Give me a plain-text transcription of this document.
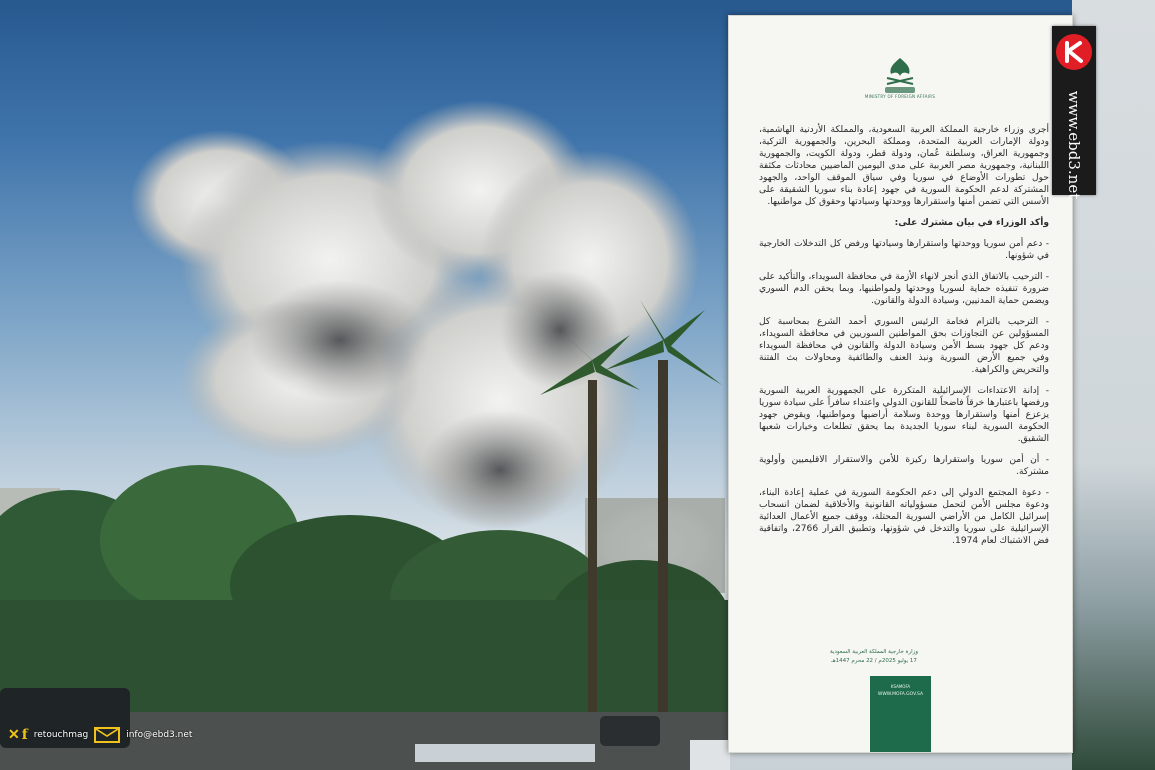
MINISTRY OF FOREIGN AFFAIRS

أجرى وزراء خارجية المملكة العربية السعودية، والمملكة الأردنية الهاشمية، ودولة الإمارات العربية المتحدة، ومملكة البحرين، والجمهورية التركية، وجمهورية العراق، وسلطنة عُمان، ودولة قطر، ودولة الكويت، والجمهورية اللبنانية، وجمهورية مصر العربية على مدى اليومين الماضيين محادثات مكثفة حول تطورات الأوضاع في سوريا وفي سياق الموقف الواحد، والجهود المشتركة لدعم الحكومة السورية في جهود إعادة بناء سوريا الشقيقة على الأسس التي تضمن أمنها واستقرارها ووحدتها وسيادتها وحقوق كل مواطنيها.

وأكد الوزراء في بيان مشترك على:

- دعم أمن سوريا ووحدتها واستقرارها وسيادتها ورفض كل التدخلات الخارجية في شؤونها.

- الترحيب بالاتفاق الذي أنجز لانهاء الأزمة في محافظة السويداء، والتأكيد على ضرورة تنفيذه حماية لسوريا ووحدتها ولمواطنيها، وبما يحقن الدم السوري ويضمن حماية المدنيين، وسيادة الدولة والقانون.

- الترحيب بالتزام فخامة الرئيس السوري أحمد الشرع بمحاسبة كل المسؤولين عن التجاوزات بحق المواطنين السوريين في محافظة السويداء، ودعم كل جهود بسط الأمن وسيادة الدولة والقانون في محافظة السويداء وفي جميع الأرض السورية ونبذ العنف والطائفية ومحاولات بث الفتنة والتحريض والكراهية.

- إدانة الاعتداءات الإسرائيلية المتكررة على الجمهورية العربية السورية ورفضها باعتبارها خرقاً فاضحاً للقانون الدولي واعتداء سافراً على سيادة سوريا يزعزع أمنها واستقرارها ووحدة وسلامة أراضيها ومواطنيها، ويقوض جهود الحكومة السورية لبناء سوريا الجديدة بما يحقق تطلعات وخيارات شعبها الشقيق.

- أن أمن سوريا واستقرارها ركيزة للأمن والاستقرار الاقليميين وأولوية مشتركة.

- دعوة المجتمع الدولي إلى دعم الحكومة السورية في عملية إعادة البناء، ودعوة مجلس الأمن لتحمل مسؤولياته القانونية والأخلاقية لضمان انسحاب إسرائيل الكامل من الأراضي السورية المحتلة، ووقف جميع الأعمال العدائية الإسرائيلية على سوريا والتدخل في شؤونها، وتطبيق القرار 2766، واتفاقية فض الاشتباك لعام 1974.

وزارة خارجية المملكة العربية السعودية
17 يوليو 2025م / 22 محرم 1447هـ
KSAMOFA
WWW.MOFA.GOV.SA
www.ebd3.net
✕ f retouchmag	info@ebd3.net
